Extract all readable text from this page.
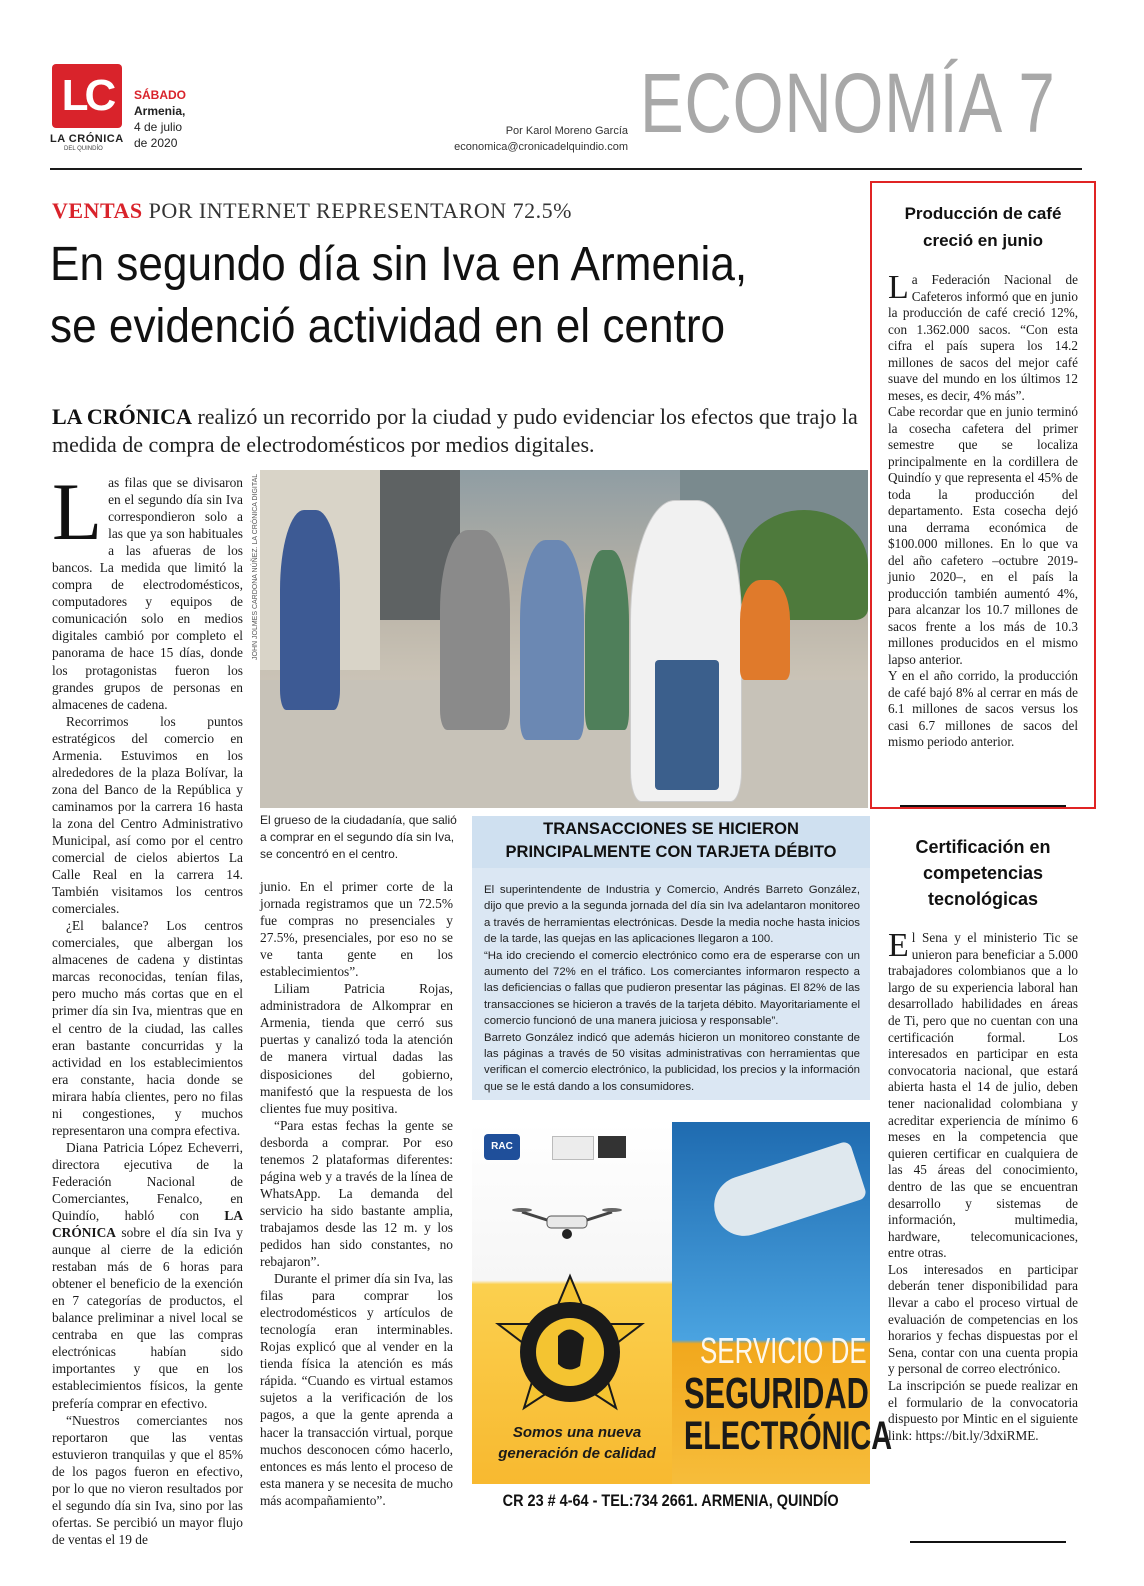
LC
LA CRÓNICA
DEL QUINDÍO
SÁBADO
Armenia,
4 de julio
de 2020
Por Karol Moreno García
economica@cronicadelquindio.com ECONOMÍA 7
VENTAS POR INTERNET REPRESENTARON 72.5%
En segundo día sin Iva en Armenia,
se evidenció actividad en el centro
LA CRÓNICA realizó un recorrido por la ciudad y pudo evidenciar los efectos que trajo la medida de compra de electrodomésticos por medios digitales.

Las filas que se divisaron en el segundo día sin Iva correspondieron solo a las que ya son habituales a las afueras de los bancos. La medida que limitó la compra de electrodomésticos, computadores y equipos de comunicación solo en medios digitales cambió por completo el panorama de hace 15 días, donde los protagonistas fueron los grandes grupos de personas en almacenes de cadena.

Recorrimos los puntos estratégicos del comercio en Armenia. Estuvimos en los alrededores de la plaza Bolívar, la zona del Banco de la República y caminamos por la carrera 16 hasta la zona del Centro Administrativo Municipal, así como por el centro comercial de cielos abiertos La Calle Real en la carrera 14. También visitamos los centros comerciales.

¿El balance? Los centros comerciales, que albergan los almacenes de cadena y distintas marcas reconocidas, tenían filas, pero mucho más cortas que en el primer día sin Iva, mientras que en el centro de la ciudad, las calles eran bastante concurridas y la actividad en los establecimientos era constante, hacia donde se mirara había clientes, pero no filas ni congestiones, y muchos representaron una compra efectiva.

Diana Patricia López Echeverri, directora ejecutiva de la Federación Nacional de Comerciantes, Fenalco, en Quindío, habló con LA CRÓNICA sobre el día sin Iva y aunque al cierre de la edición restaban más de 6 horas para obtener el beneficio de la exención en 7 categorías de productos, el balance preliminar a nivel local se centraba en que las compras electrónicas habían sido importantes y que en los establecimientos físicos, la gente prefería comprar en efectivo.

“Nuestros comerciantes nos reportaron que las ventas estuvieron tranquilas y que el 85% de los pagos fueron en efectivo, por lo que no vieron resultados por el segundo día sin Iva, sino por las ofertas. Se percibió un mayor flujo de ventas el 19 de

JOHN JOLMES CARDONA NÚÑEZ. LA CRÓNICA DIGITAL
El grueso de la ciudadanía, que salió a comprar en el segundo día sin Iva, se concentró en el centro.

junio. En el primer corte de la jornada registramos que un 72.5% fue compras no presenciales y 27.5%, presenciales, por eso no se ve tanta gente en los establecimientos”.

Liliam Patricia Rojas, administradora de Alkomprar en Armenia, tienda que cerró sus puertas y canalizó toda la atención de manera virtual dadas las disposiciones del gobierno, manifestó que la respuesta de los clientes fue muy positiva.

“Para estas fechas la gente se desborda a comprar. Por eso tenemos 2 plataformas diferentes: página web y a través de la línea de WhatsApp. La demanda del servicio ha sido bastante amplia, trabajamos desde las 12 m. y los pedidos han sido constantes, no rebajaron”.

Durante el primer día sin Iva, las filas para comprar los electrodomésticos y artículos de tecnología eran interminables. Rojas explicó que al vender en la tienda física la atención es más rápida. “Cuando es virtual estamos sujetos a la verificación de los pagos, a que la gente aprenda a hacer la transacción virtual, porque muchos desconocen cómo hacerlo, entonces es más lento el proceso de esta manera y se necesita de mucho más acompañamiento”.

TRANSACCIONES SE HICIERON
PRINCIPALMENTE CON TARJETA DÉBITO

El superintendente de Industria y Comercio, Andrés Barreto González, dijo que previo a la segunda jornada del día sin Iva adelantaron monitoreo a través de herramientas electrónicas. Desde la media noche hasta inicios de la tarde, las quejas en las aplicaciones llegaron a 100.

“Ha ido creciendo el comercio electrónico como era de esperarse con un aumento del 72% en el tráfico. Los comerciantes informaron respecto a las deficiencias o fallas que pudieron presentar las páginas. El 82% de las transacciones se hicieron a través de la tarjeta débito. Mayoritariamente el comercio funcionó de una manera juiciosa y responsable”.

Barreto González indicó que además hicieron un monitoreo constante de las páginas a través de 50 visitas administrativas con herramientas que verifican el comercio electrónico, la publicidad, los precios y la información que se le está dando a los consumidores.

RAC
Somos una nueva
generación de calidad
SERVICIO DE
SEGURIDAD
ELECTRÓNICA
CR 23 # 4-64 - TEL:734 2661. ARMENIA, QUINDÍO
Producción de café
creció en junio

La Federación Nacional de Cafeteros informó que en junio la producción de café creció 12%, con 1.362.000 sacos. “Con esta cifra el país supera los 14.2 millones de sacos del mejor café suave del mundo en los últimos 12 meses, es decir, 4% más”.

Cabe recordar que en junio terminó la cosecha cafetera del primer semestre que se localiza principalmente en la cordillera de Quindío y que representa el 45% de toda la producción del departamento. Esta cosecha dejó una derrama económica de $100.000 millones. En lo que va del año cafetero –octubre 2019-junio 2020–, en el país la producción también aumentó 4%, para alcanzar los 10.7 millones de sacos frente a los más de 10.3 millones producidos en el mismo lapso anterior.

Y en el año corrido, la producción de café bajó 8% al cerrar en más de 6.1 millones de sacos versus los casi 6.7 millones de sacos del mismo periodo anterior.

Certificación en
competencias
tecnológicas

El Sena y el ministerio Tic se unieron para beneficiar a 5.000 trabajadores colombianos que a lo largo de su experiencia laboral han desarrollado habilidades en áreas de Ti, pero que no cuentan con una certificación formal. Los interesados en participar en esta convocatoria nacional, que estará abierta hasta el 14 de julio, deben tener nacionalidad colombiana y acreditar experiencia de mínimo 6 meses en la competencia que quieren certificar en cualquiera de las 45 áreas del conocimiento, dentro de las que se encuentran desarrollo y sistemas de información, multimedia, hardware, telecomunicaciones, entre otras.

Los interesados en participar deberán tener disponibilidad para llevar a cabo el proceso virtual de evaluación de competencias en los horarios y fechas dispuestas por el Sena, contar con una cuenta propia y personal de correo electrónico.

La inscripción se puede realizar en el formulario de la convocatoria dispuesto por Mintic en el siguiente link: https://bit.ly/3dxiRME.
